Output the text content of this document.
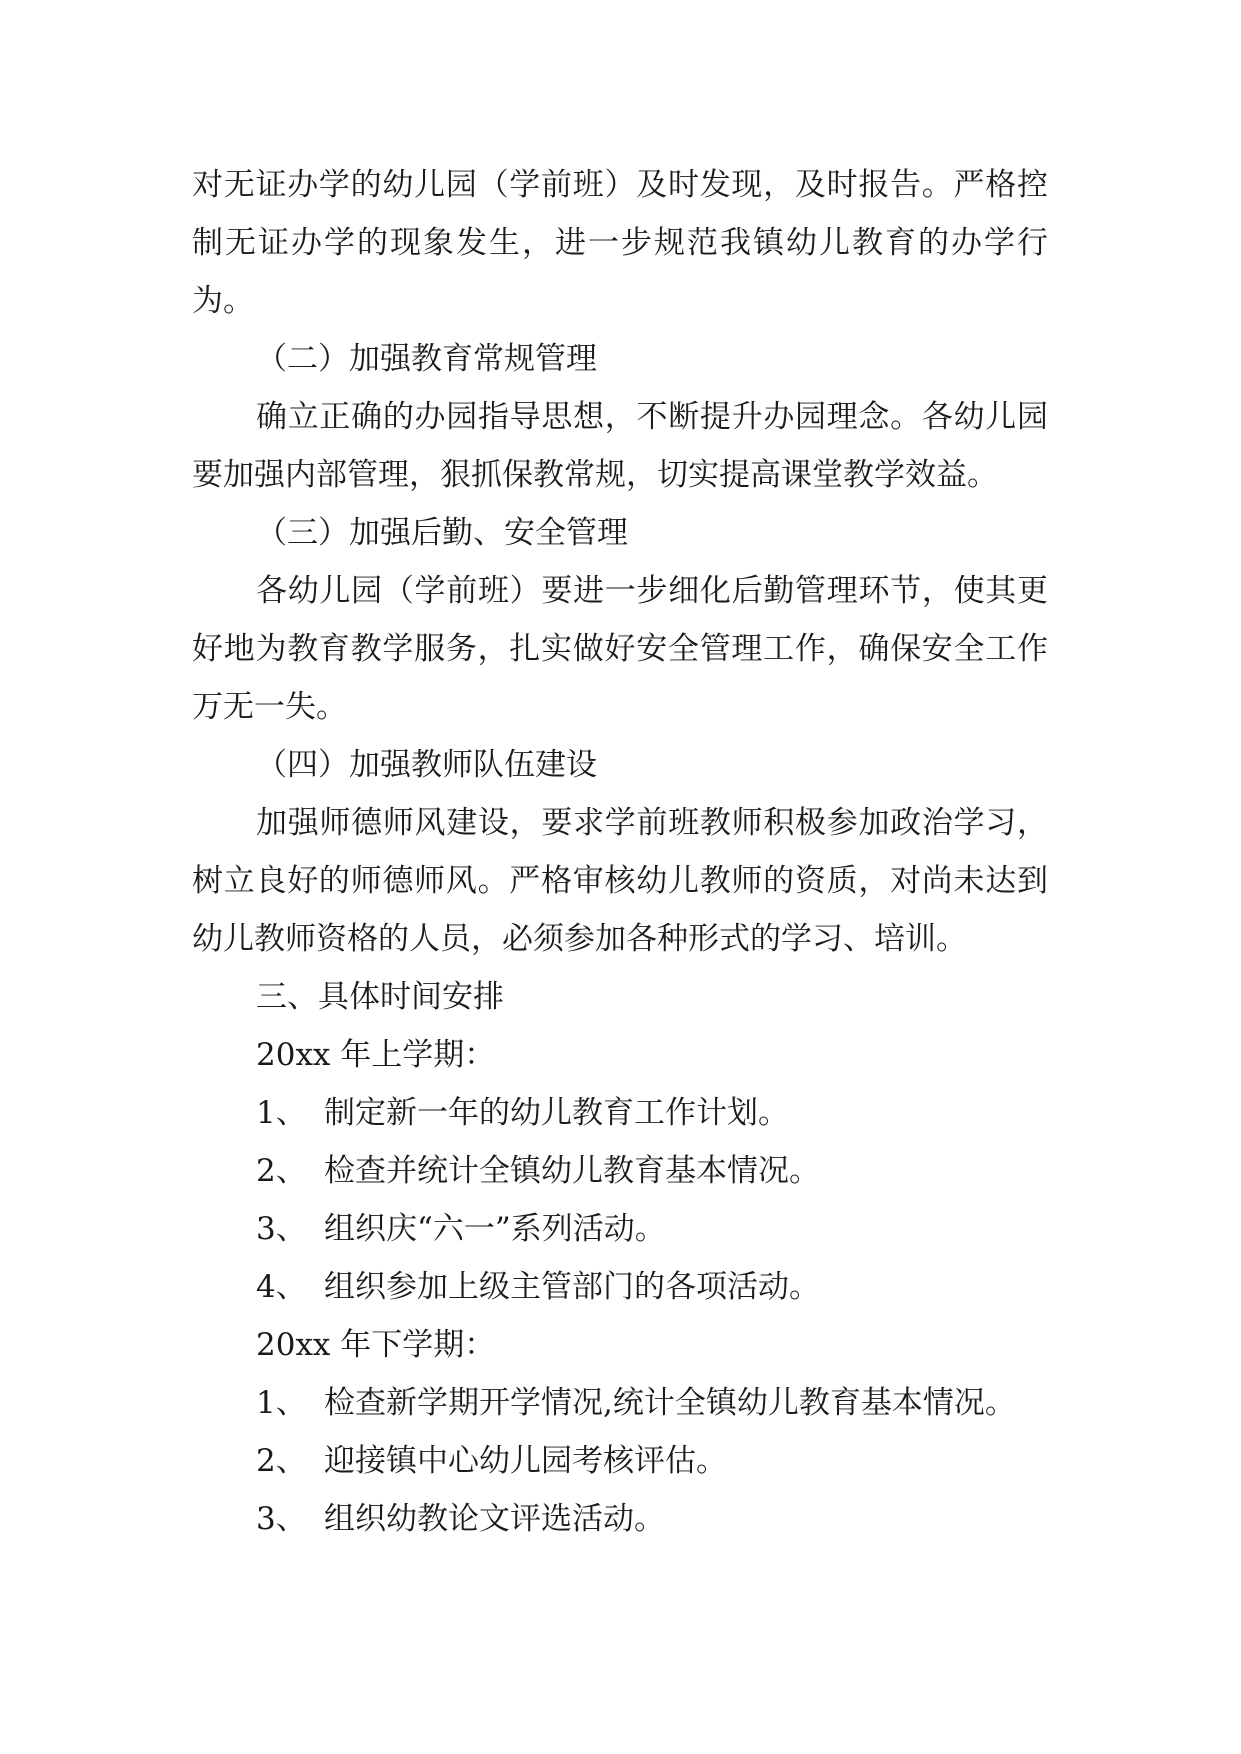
对无证办学的幼儿园（学前班）及时发现，及时报告。严格控制无证办学的现象发生，进一步规范我镇幼儿教育的办学行为。

（二）加强教育常规管理

确立正确的办园指导思想，不断提升办园理念。各幼儿园要加强内部管理，狠抓保教常规，切实提高课堂教学效益。

（三）加强后勤、安全管理

各幼儿园（学前班）要进一步细化后勤管理环节，使其更好地为教育教学服务，扎实做好安全管理工作，确保安全工作万无一失。

（四）加强教师队伍建设

加强师德师风建设，要求学前班教师积极参加政治学习，树立良好的师德师风。严格审核幼儿教师的资质，对尚未达到幼儿教师资格的人员，必须参加各种形式的学习、培训。

三、具体时间安排

20xx 年上学期：

1、 制定新一年的幼儿教育工作计划。

2、 检查并统计全镇幼儿教育基本情况。

3、 组织庆“六一”系列活动。

4、 组织参加上级主管部门的各项活动。

20xx 年下学期：

1、 检查新学期开学情况,统计全镇幼儿教育基本情况。

2、 迎接镇中心幼儿园考核评估。

3、 组织幼教论文评选活动。
